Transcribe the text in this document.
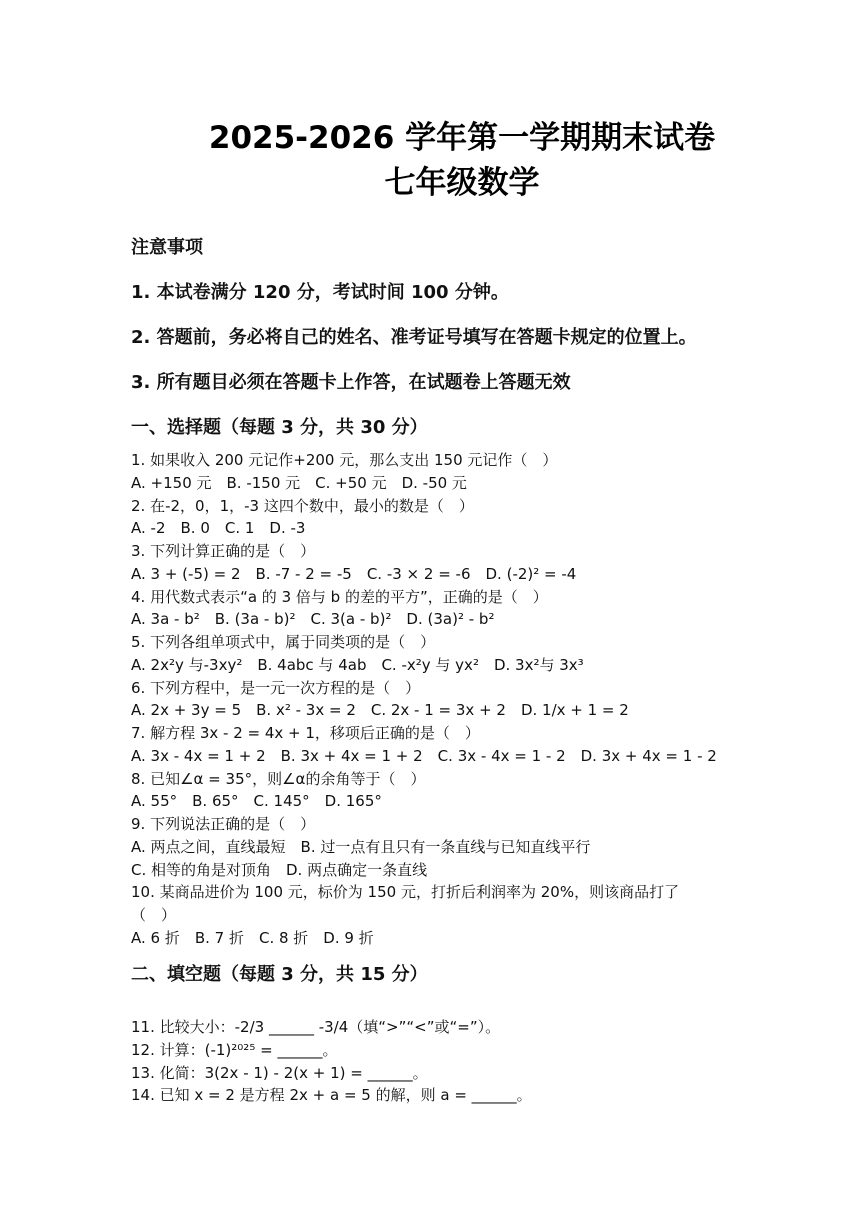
2025-2026 学年第一学期期末试卷
七年级数学
注意事项
1. 本试卷满分 120 分，考试时间 100 分钟。
2. 答题前，务必将自己的姓名、准考证号填写在答题卡规定的位置上。
3. 所有题目必须在答题卡上作答，在试题卷上答题无效
一、选择题（每题 3 分，共 30 分）
1. 如果收入 200 元记作+200 元，那么支出 150 元记作（　）
A. +150 元　B. -150 元　C. +50 元　D. -50 元
2. 在-2，0，1，-3 这四个数中，最小的数是（　）
A. -2　B. 0　C. 1　D. -3
3. 下列计算正确的是（　）
A. 3 + (-5) = 2　B. -7 - 2 = -5　C. -3 × 2 = -6　D. (-2)² = -4
4. 用代数式表示“a 的 3 倍与 b 的差的平方”，正确的是（　）
A. 3a - b²　B. (3a - b)²　C. 3(a - b)²　D. (3a)² - b²
5. 下列各组单项式中，属于同类项的是（　）
A. 2x²y 与-3xy²　B. 4abc 与 4ab　C. -x²y 与 yx²　D. 3x²与 3x³
6. 下列方程中，是一元一次方程的是（　）
A. 2x + 3y = 5　B. x² - 3x = 2　C. 2x - 1 = 3x + 2　D. 1/x + 1 = 2
7. 解方程 3x - 2 = 4x + 1，移项后正确的是（　）
A. 3x - 4x = 1 + 2　B. 3x + 4x = 1 + 2　C. 3x - 4x = 1 - 2　D. 3x + 4x = 1 - 2
8. 已知∠α = 35°，则∠α的余角等于（　）
A. 55°　B. 65°　C. 145°　D. 165°
9. 下列说法正确的是（　）
A. 两点之间，直线最短　B. 过一点有且只有一条直线与已知直线平行
C. 相等的角是对顶角　D. 两点确定一条直线
10. 某商品进价为 100 元，标价为 150 元，打折后利润率为 20%，则该商品打了
（　）
A. 6 折　B. 7 折　C. 8 折　D. 9 折
二、填空题（每题 3 分，共 15 分）
11. 比较大小：-2/3 ______ -3/4（填“>”“<”或“=”）。
12. 计算：(-1)²⁰²⁵ = ______。
13. 化简：3(2x - 1) - 2(x + 1) = ______。
14. 已知 x = 2 是方程 2x + a = 5 的解，则 a = ______。
